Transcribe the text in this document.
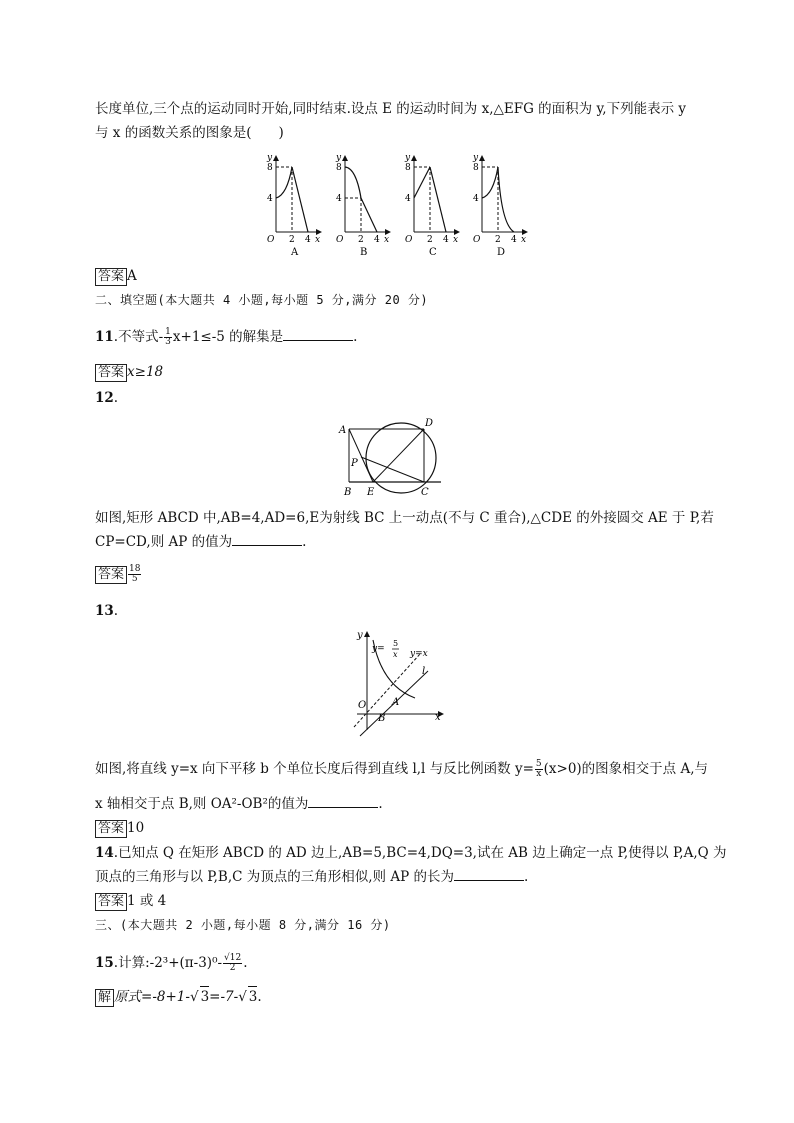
长度单位,三个点的运动同时开始,同时结束.设点 E 的运动时间为 x,△EFG 的面积为 y,下列能表示 y
与 x 的函数关系的图象是(　　)
y
8
4
O 2 4 x
A
y
8
4
O 2 4 x
B
y
8
4
O 2 4 x
C
y
8
4
O 2 4 x
D
答案 A
二、填空题(本大题共 4 小题,每小题 5 分,满分 20 分)
11.不等式- $\frac{1}{3} x+1\le-5$ 的解集是	.
答案 x≥18
12.
A
D
P
B E	C
如图,矩形 ABCD 中,AB=4,AD=6,E为射线 BC 上一动点(不与 C 重合),△CDE 的外接圆交 AE 于 P,若
CP=CD,则 AP 的值为	.
答案 $\frac{18}{5}$
13.
y
x
O	A
B
l
y=x
y=
5
x
如图,将直线 y=x 向下平移 b 个单位长度后得到直线 l,l 与反比例函数 $y= \frac{5}{x} (x>0)$的图象相交于点 A,与
x 轴相交于点 B,则 OA²-OB²的值为	.
答案 10
14.已知点 Q 在矩形 ABCD 的 AD 边上,AB=5,BC=4,DQ=3,试在 AB 边上确定一点 P,使得以 P,A,Q 为
顶点的三角形与以 P,B,C 为顶点的三角形相似,则 AP 的长为	.
答案 1 或 4
三、(本大题共 2 小题,每小题 8 分,满分 16 分)
15.计算:-2³+(π-3)⁰- $\frac{√12}{2}$ .
解 原式=-8+1-√ 3=-7-√ 3.
